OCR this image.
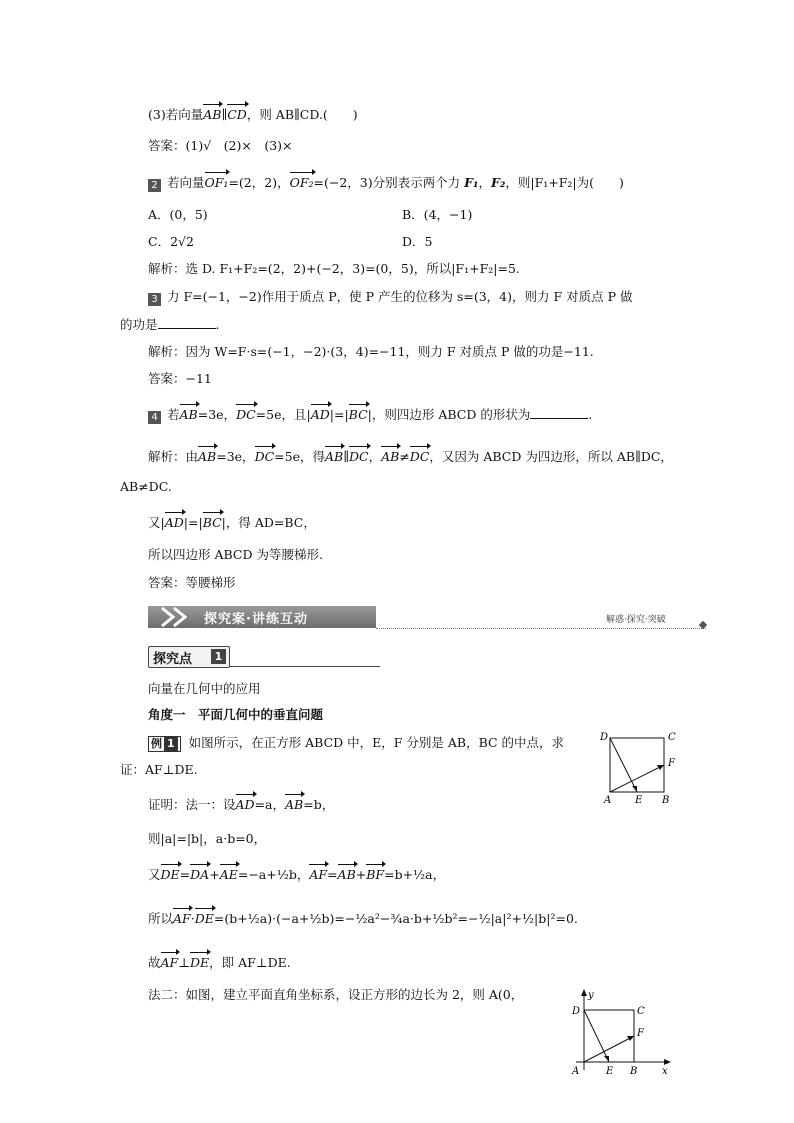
(3)若向量AB∥CD，则 AB∥CD.(　　)
答案：(1)√　(2)×　(3)×
2 若向量OF₁=(2，2)，OF₂=(−2，3)分别表示两个力 F₁，F₂，则|F₁+F₂|为(　　)
A．(0，5)	B．(4，−1)
C．2√2	D．5
解析：选 D. F₁+F₂=(2，2)+(−2，3)=(0，5)，所以|F₁+F₂|=5.
3 力 F=(−1，−2)作用于质点 P，使 P 产生的位移为 s=(3，4)，则力 F 对质点 P 做
的功是	.
解析：因为 W=F·s=(−1，−2)·(3，4)=−11，则力 F 对质点 P 做的功是−11.
答案：−11
4 若AB=3e，DC=5e，且|AD|=|BC|，则四边形 ABCD 的形状为	.
解析：由AB=3e，DC=5e，得AB∥DC，AB≠DC，又因为 ABCD 为四边形，所以 AB∥DC，
AB≠DC.
又|AD|=|BC|，得 AD=BC，
所以四边形 ABCD 为等腰梯形.
答案：等腰梯形
探究案·讲练互动	解惑·探究·突破
探究点	1
向量在几何中的应用
角度一　平面几何中的垂直问题
例 1 如图所示，在正方形 ABCD 中，E，F 分别是 AB，BC 的中点，求
证：AF⊥DE.
证明：法一：设AD=a，AB=b，
则|a|=|b|，a·b=0，
又DE=DA+AE=−a+½b，AF=AB+BF=b+½a，
所以AF·DE=(b+½a)·(−a+½b)=−½a²−¾a·b+½b²=−½|a|²+½|b|²=0.
故AF⊥DE，即 AF⊥DE.
法二：如图，建立平面直角坐标系，设正方形的边长为 2，则 A(0，
D	C
F
A E B
y
D	C
F
A	E B x
